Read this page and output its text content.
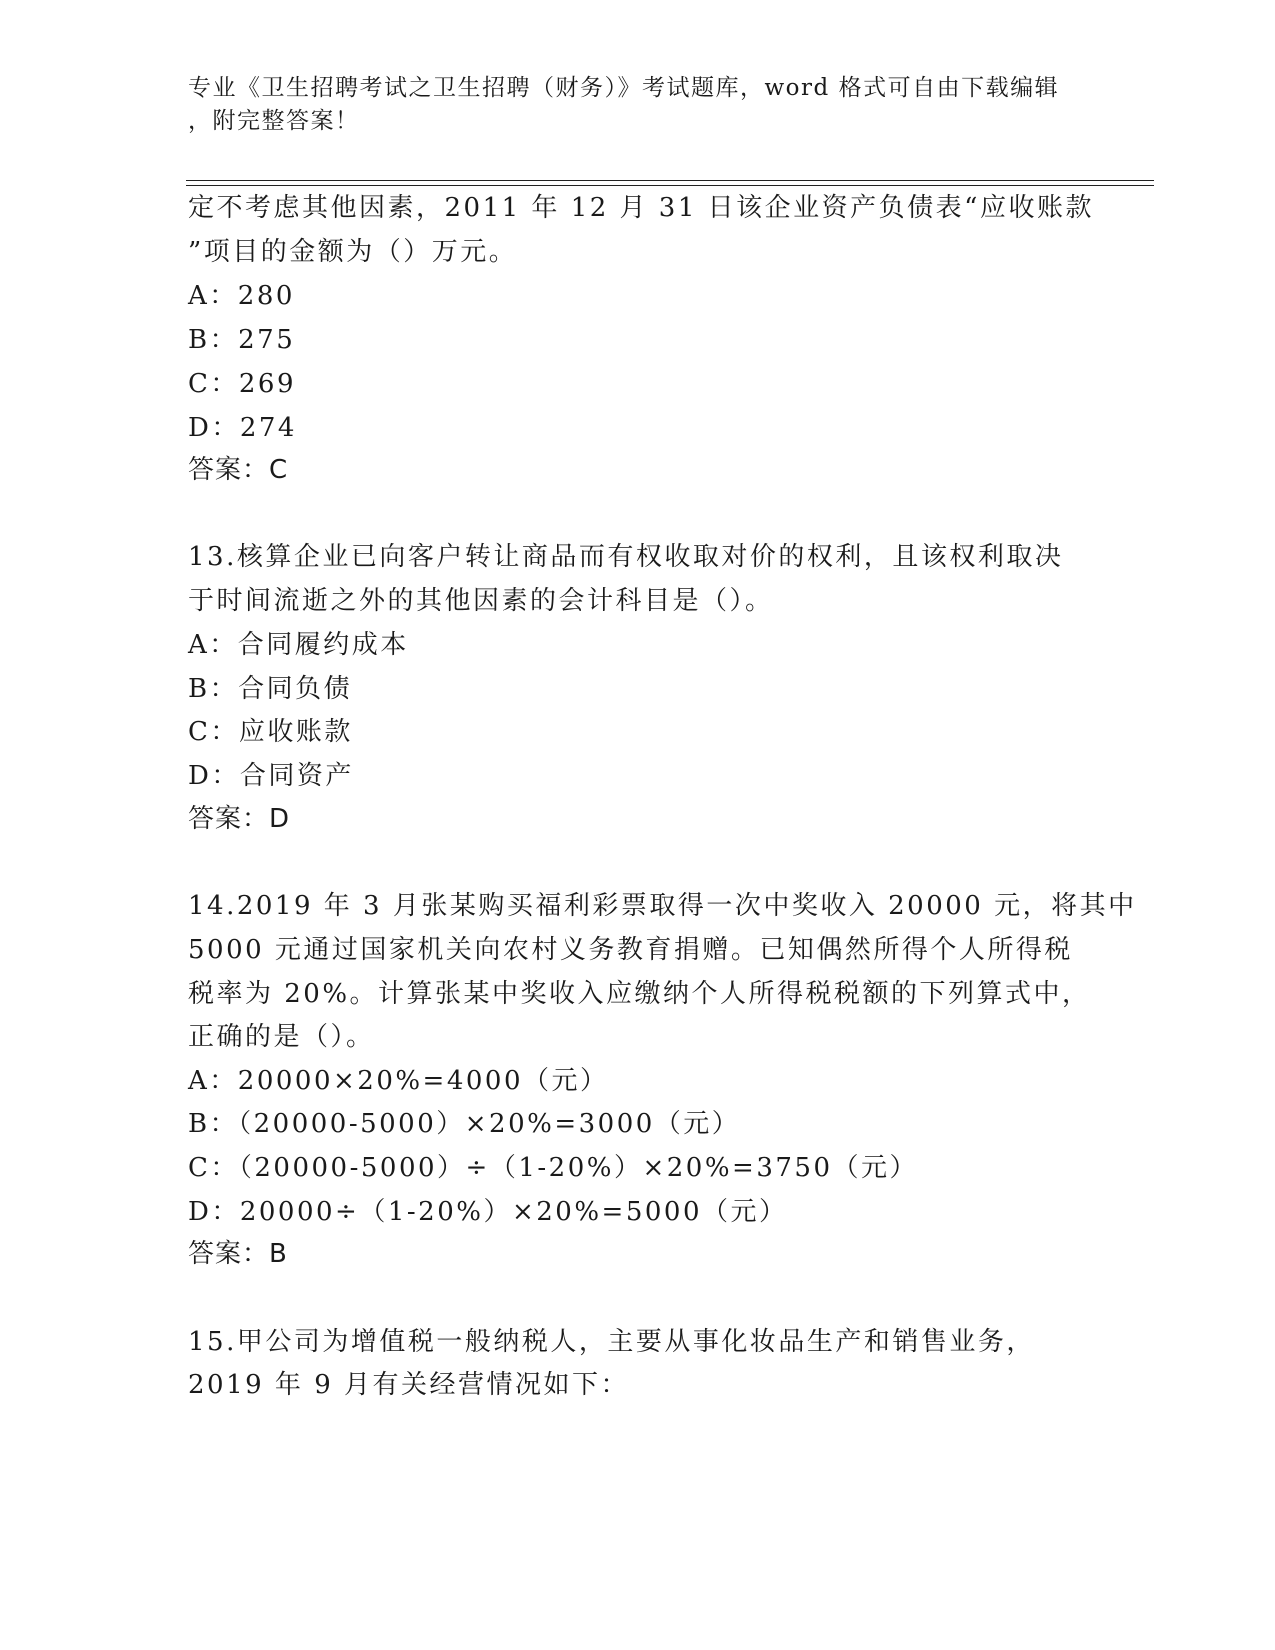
专业《卫生招聘考试之卫生招聘（财务）》考试题库，word 格式可自由下载编辑
，附完整答案！
定不考虑其他因素，2011 年 12 月 31 日该企业资产负债表“应收账款
”项目的金额为（）万元。
A：280
B：275
C：269
D：274
答案：C
13.核算企业已向客户转让商品而有权收取对价的权利，且该权利取决
于时间流逝之外的其他因素的会计科目是（）。
A：合同履约成本
B：合同负债
C：应收账款
D：合同资产
答案：D
14.2019 年 3 月张某购买福利彩票取得一次中奖收入 20000 元，将其中
5000 元通过国家机关向农村义务教育捐赠。已知偶然所得个人所得税
税率为 20%。计算张某中奖收入应缴纳个人所得税税额的下列算式中，
正确的是（）。
A：20000×20%=4000（元）
B：（20000-5000）×20%=3000（元）
C：（20000-5000）÷（1-20%）×20%=3750（元）
D：20000÷（1-20%）×20%=5000（元）
答案：B
15.甲公司为增值税一般纳税人，主要从事化妆品生产和销售业务，
2019 年 9 月有关经营情况如下：
